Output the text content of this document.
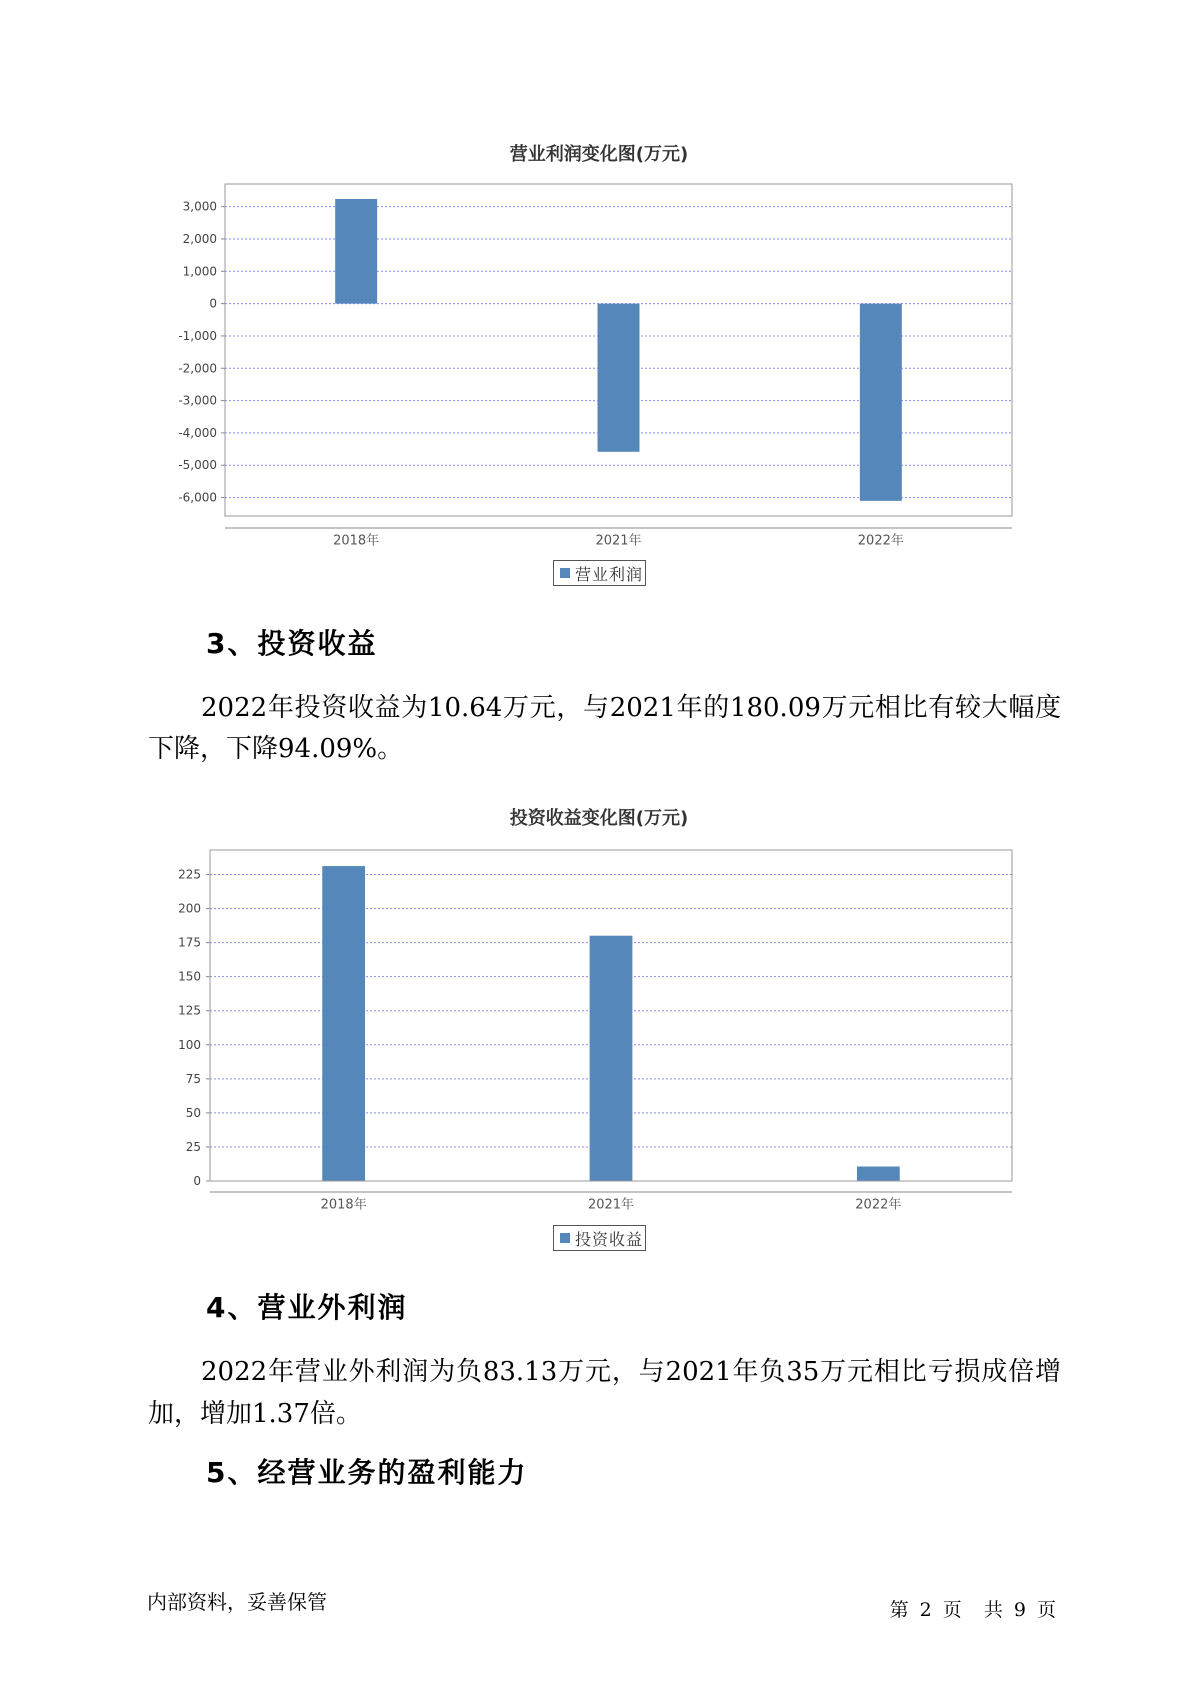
营业利润变化图(万元)
3,000
2,000
1,000
0
-1,000
-2,000
-3,000
-4,000
-5,000
-6,000
2018年	2021年	2022年
营业利润
3、投资收益
2022年投资收益为10.64万元，与2021年的180.09万元相比有较大幅度
下降，下降94.09%。
投资收益变化图(万元)
225
200
175
150
125
100
75
50
25
0
2018年	2021年	2022年
投资收益
4、营业外利润
2022年营业外利润为负83.13万元，与2021年负35万元相比亏损成倍增
加，增加1.37倍。
5、经营业务的盈利能力
内部资料，妥善保管	第 2 页  共 9 页
